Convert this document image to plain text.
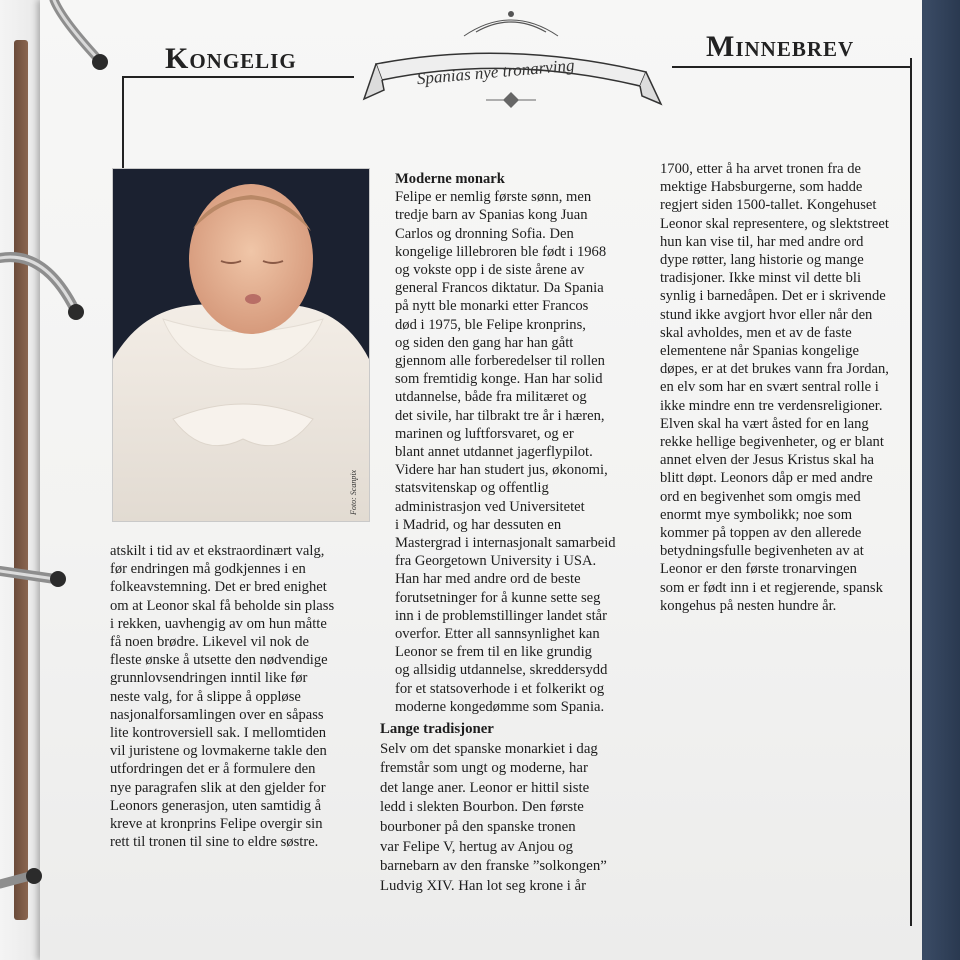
Kongelig	Minnebrev
Spanias nye tronarving
Foto: Scanpix
atskilt i tid av et ekstraordinært valg,
før endringen må godkjennes i en
folkeavstemning. Det er bred enighet
om at Leonor skal få beholde sin plass
i rekken, uavhengig av om hun måtte
få noen brødre. Likevel vil nok de
fleste ønske å utsette den nødvendige
grunnlovsendringen inntil like før
neste valg, for å slippe å oppløse
nasjonalforsamlingen over en såpass
lite kontroversiell sak. I mellomtiden
vil juristene og lovmakerne takle den
utfordringen det er å formulere den
nye paragrafen slik at den gjelder for
Leonors generasjon, uten samtidig å
kreve at kronprins Felipe overgir sin
rett til tronen til sine to eldre søstre.
Moderne monark
Felipe er nemlig første sønn, men
tredje barn av Spanias kong Juan
Carlos og dronning Sofia. Den
kongelige lillebroren ble født i 1968
og vokste opp i de siste årene av
general Francos diktatur. Da Spania
på nytt ble monarki etter Francos
død i 1975, ble Felipe kronprins,
og siden den gang har han gått
gjennom alle forberedelser til rollen
som fremtidig konge. Han har solid
utdannelse, både fra militæret og
det sivile, har tilbrakt tre år i hæren,
marinen og luftforsvaret, og er
blant annet utdannet jagerflypilot.
Videre har han studert jus, økonomi,
statsvitenskap og offentlig
administrasjon ved Universitetet
i Madrid, og har dessuten en
Mastergrad i internasjonalt samarbeid
fra Georgetown University i USA.
Han har med andre ord de beste
forutsetninger for å kunne sette seg
inn i de problemstillinger landet står
overfor. Etter all sannsynlighet kan
Leonor se frem til en like grundig
og allsidig utdannelse, skreddersydd
for et statsoverhode i et folkerikt og
moderne kongedømme som Spania.
Lange tradisjoner
Selv om det spanske monarkiet i dag
fremstår som ungt og moderne, har
det lange aner. Leonor er hittil siste
ledd i slekten Bourbon. Den første
bourboner på den spanske tronen
var Felipe V, hertug av Anjou og
barnebarn av den franske ”solkongen”
Ludvig XIV. Han lot seg krone i år
1700, etter å ha arvet tronen fra de
mektige Habsburgerne, som hadde
regjert siden 1500-tallet. Kongehuset
Leonor skal representere, og slektstreet
hun kan vise til, har med andre ord
dype røtter, lang historie og mange
tradisjoner. Ikke minst vil dette bli
synlig i barnedåpen. Det er i skrivende
stund ikke avgjort hvor eller når den
skal avholdes, men et av de faste
elementene når Spanias kongelige
døpes, er at det brukes vann fra Jordan,
en elv som har en svært sentral rolle i
ikke mindre enn tre verdensreligioner.
Elven skal ha vært åsted for en lang
rekke hellige begivenheter, og er blant
annet elven der Jesus Kristus skal ha
blitt døpt. Leonors dåp er med andre
ord en begivenhet som omgis med
enormt mye symbolikk; noe som
kommer på toppen av den allerede
betydningsfulle begivenheten av at
Leonor er den første tronarvingen
som er født inn i et regjerende, spansk
kongehus på nesten hundre år.
